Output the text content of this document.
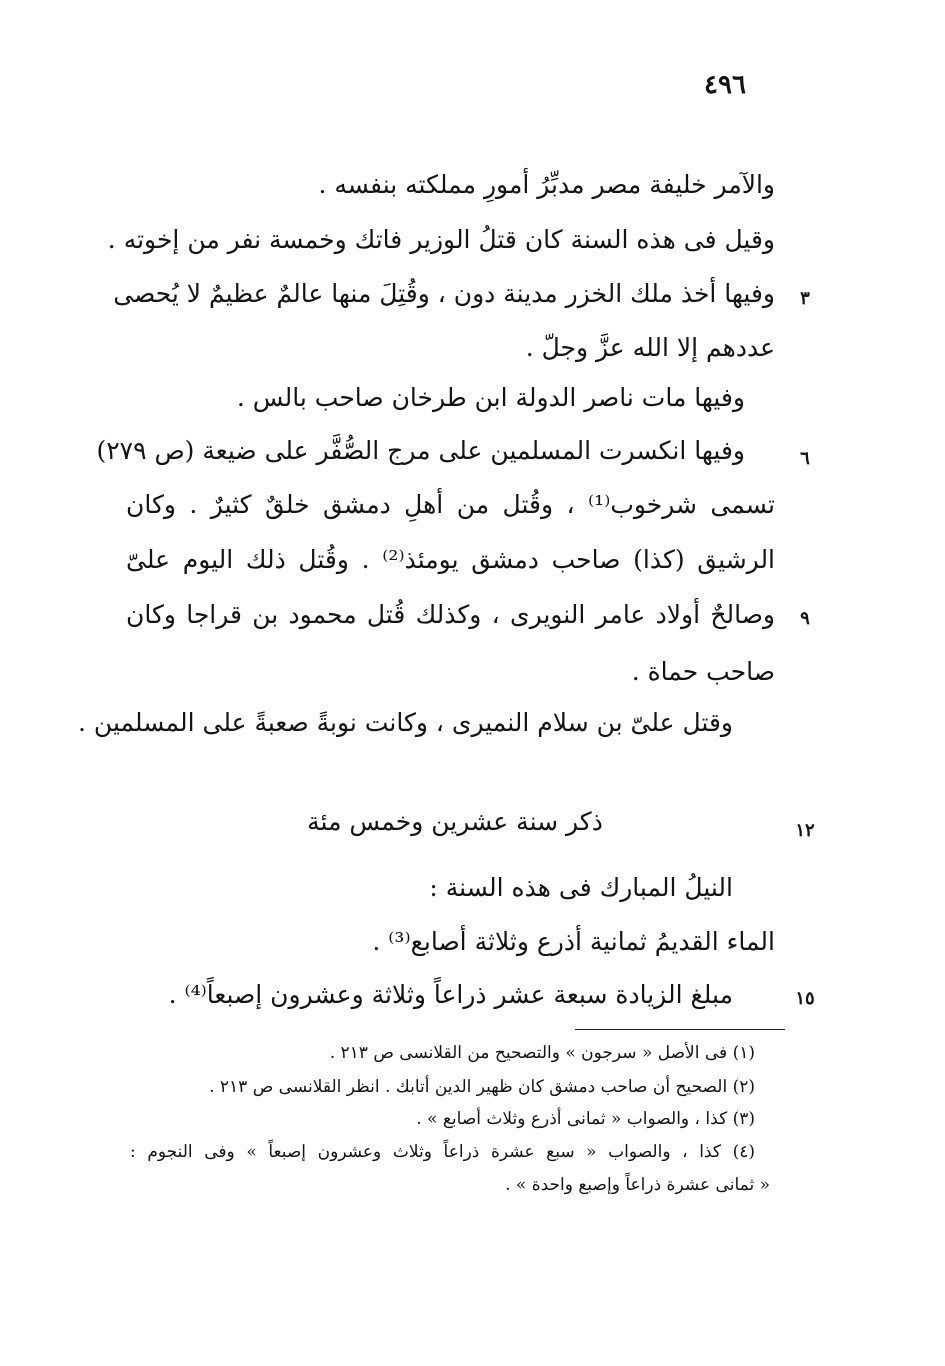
٤٩٦
والآمر خليفة مصر مدبِّرُ أمورِ مملكته بنفسه .
وقيل فى هذه السنة كان قتلُ الوزير فاتك وخمسة نفر من إخوته .
وفيها أخذ ملك الخزر مدينة دون ، وقُتِلَ منها عالمٌ عظيمٌ لا يُحصى
عددهم إلا الله عزَّ وجلّ .
وفيها مات ناصر الدولة ابن طرخان صاحب بالس .
وفيها انكسرت المسلمين على مرج الصُّفَّر على ضيعة (ص ٢٧٩)
تسمى شرخوب⁽¹⁾ ، وقُتل من أهلِ دمشق خلقٌ كثيرٌ . وكان
الرشيق (كذا) صاحب دمشق يومئذ⁽²⁾ . وقُتل ذلك اليوم علىّ
وصالحٌ أولاد عامر النويرى ، وكذلك قُتل محمود بن قراجا وكان
صاحب حماة .
وقتل علىّ بن سلام النميرى ، وكانت نوبةً صعبةً على المسلمين .
٣
٦
٩
١٢
١٥
ذكر سنة عشرين وخمس مئة
النيلُ المبارك فى هذه السنة :
الماء القديمُ ثمانية أذرع وثلاثة أصابع⁽³⁾ .
مبلغ الزيادة سبعة عشر ذراعاً وثلاثة وعشرون إصبعاً⁽⁴⁾ .
(١) فى الأصل « سرجون » والتصحيح من القلانسى ص ٢١٣ .
(٢) الصحيح أن صاحب دمشق كان ظهير الدين أتابك . انظر القلانسى ص ٢١٣ .
(٣) كذا ، والصواب « ثمانى أذرع وثلاث أصابع » .
(٤) كذا ، والصواب « سبع عشرة ذراعاً وثلاث وعشرون إصبعاً » وفى النجوم :
« ثمانى عشرة ذراعاً وإصبع واحدة » .
